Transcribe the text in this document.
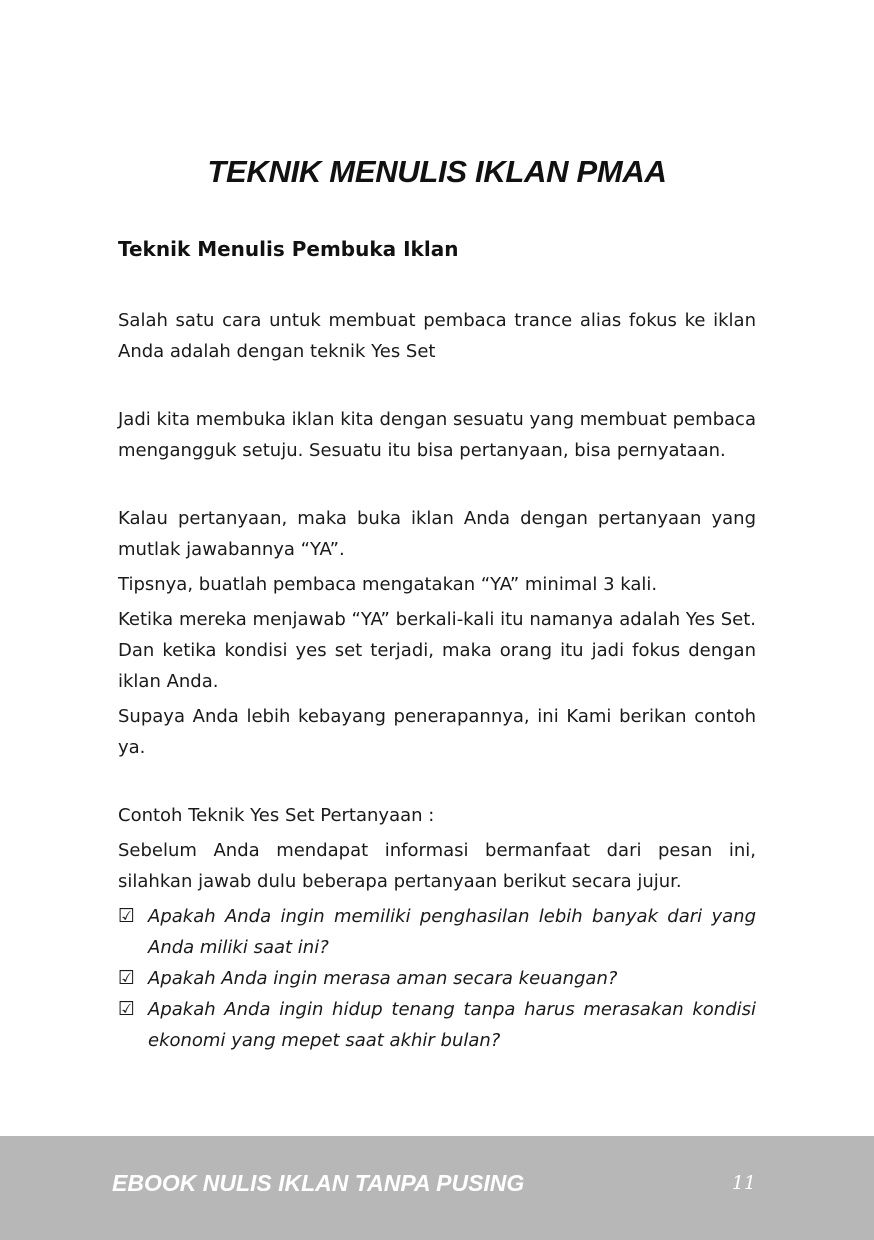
TEKNIK MENULIS IKLAN PMAA
Teknik Menulis Pembuka Iklan

Salah satu cara untuk membuat pembaca trance alias fokus ke iklan Anda adalah dengan teknik Yes Set

Jadi kita membuka iklan kita dengan sesuatu yang membuat pembaca mengangguk setuju. Sesuatu itu bisa pertanyaan, bisa pernyataan.

Kalau pertanyaan, maka buka iklan Anda dengan pertanyaan yang mutlak jawabannya “YA”.

Tipsnya, buatlah pembaca mengatakan “YA” minimal 3 kali.

Ketika mereka menjawab “YA” berkali-kali itu namanya adalah Yes Set. Dan ketika kondisi yes set terjadi, maka orang itu jadi fokus dengan iklan Anda.

Supaya Anda lebih kebayang penerapannya, ini Kami berikan contoh ya.

Contoh Teknik Yes Set Pertanyaan :

Sebelum Anda mendapat informasi bermanfaat dari pesan ini, silahkan jawab dulu beberapa pertanyaan berikut secara jujur.

☑ Apakah Anda ingin memiliki penghasilan lebih banyak dari yang Anda miliki saat ini?
☑ Apakah Anda ingin merasa aman secara keuangan?
☑ Apakah Anda ingin hidup tenang tanpa harus merasakan kondisi ekonomi yang mepet saat akhir bulan?
EBOOK NULIS IKLAN TANPA PUSING	11
